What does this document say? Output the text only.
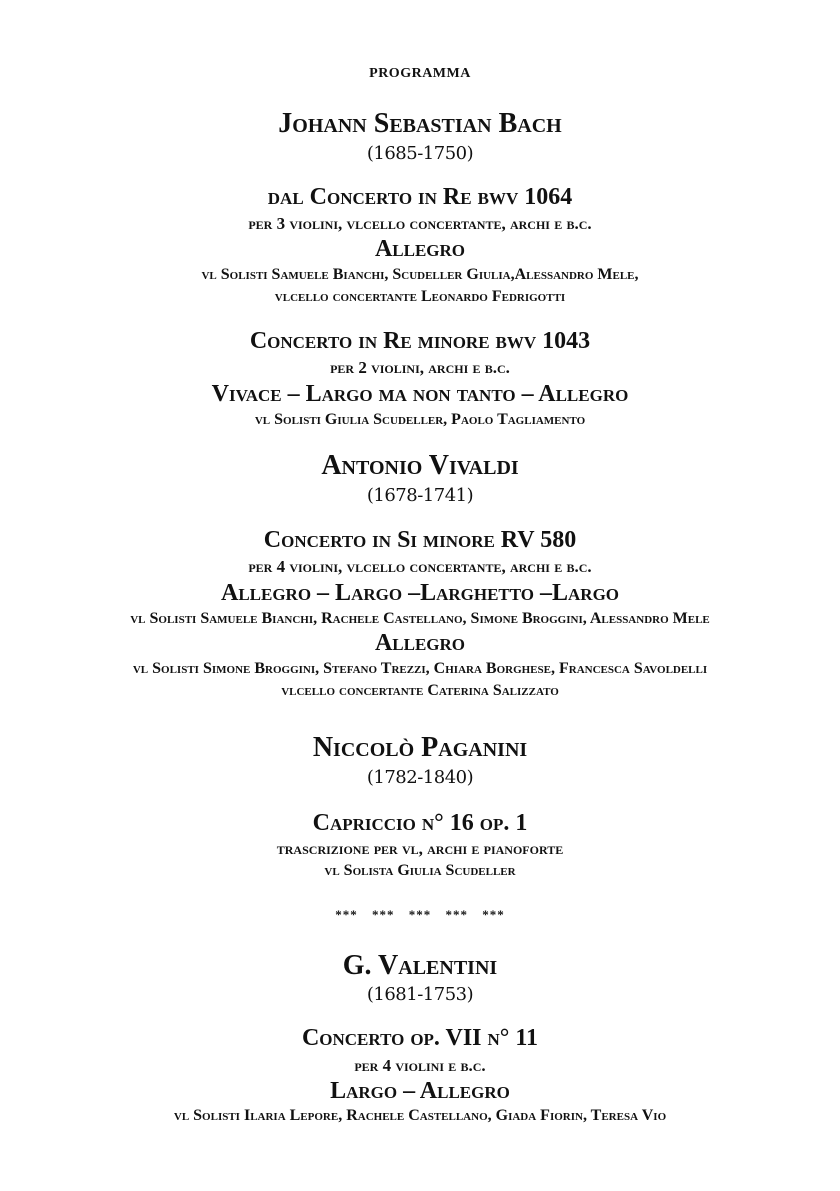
programma
Johann Sebastian Bach
(1685-1750)
dal Concerto in Re bwv 1064
per 3 violini, vlcello concertante, archi e b.c.
Allegro
vl Solisti Samuele Bianchi, Scudeller Giulia,Alessandro Mele,
vlcello concertante Leonardo Fedrigotti
Concerto in Re minore bwv 1043
per 2 violini, archi e b.c.
Vivace – Largo ma non tanto – Allegro
vl Solisti Giulia Scudeller, Paolo Tagliamento
Antonio Vivaldi
(1678-1741)
Concerto in Si minore RV 580
per 4 violini, vlcello concertante, archi e b.c.
Allegro – Largo –Larghetto –Largo
vl Solisti Samuele Bianchi, Rachele Castellano, Simone Broggini, Alessandro Mele
Allegro
vl Solisti Simone Broggini, Stefano Trezzi, Chiara Borghese, Francesca Savoldelli
vlcello concertante Caterina Salizzato
Niccolò Paganini
(1782-1840)
Capriccio n° 16 op. 1
trascrizione per vl, archi e pianoforte
vl Solista Giulia Scudeller
*** *** *** *** ***
G. Valentini
(1681-1753)
Concerto op. VII n° 11
per 4 violini e b.c.
Largo – Allegro
vl Solisti Ilaria Lepore, Rachele Castellano, Giada Fiorin, Teresa Vio
